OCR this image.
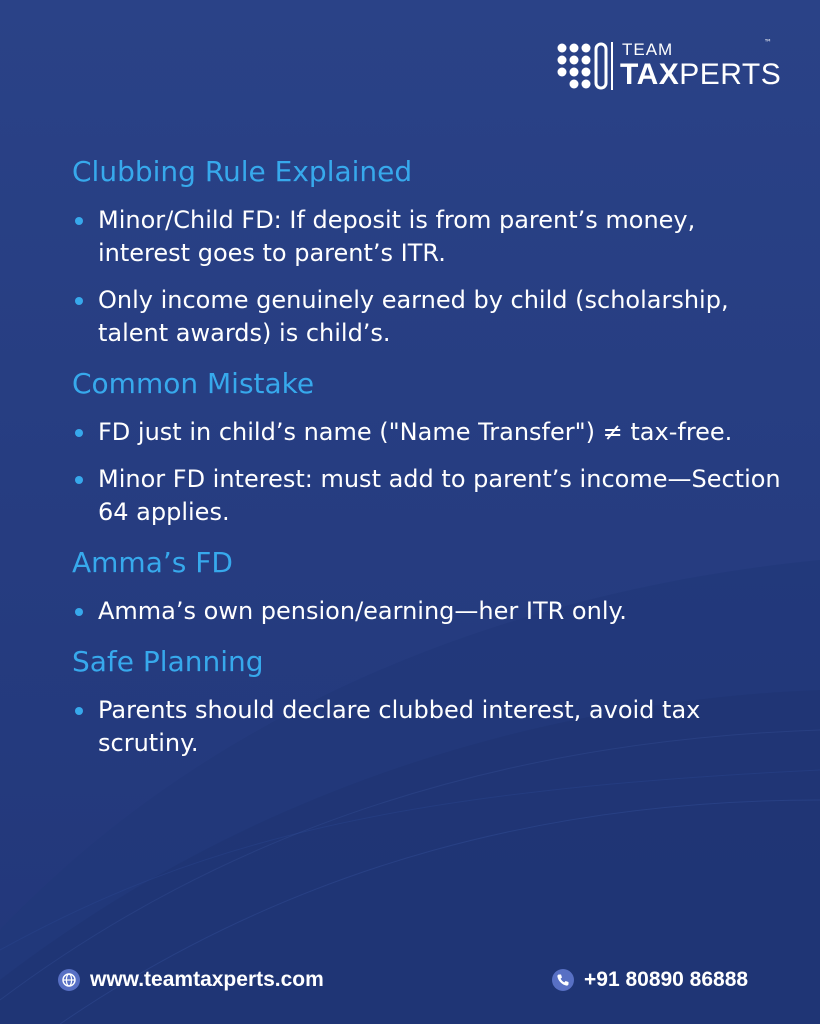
TEAM
TAXPERTS
™
Clubbing Rule Explained
Minor/Child FD: If deposit is from parent’s money, interest goes to parent’s ITR.
Only income genuinely earned by child (scholarship, talent awards) is child’s.
Common Mistake
FD just in child’s name ("Name Transfer") ≠ tax-free.
Minor FD interest: must add to parent’s income—Section 64 applies.
Amma’s FD
Amma’s own pension/earning—her ITR only.
Safe Planning
Parents should declare clubbed interest, avoid tax scrutiny.
www.teamtaxperts.com	+91 80890 86888
